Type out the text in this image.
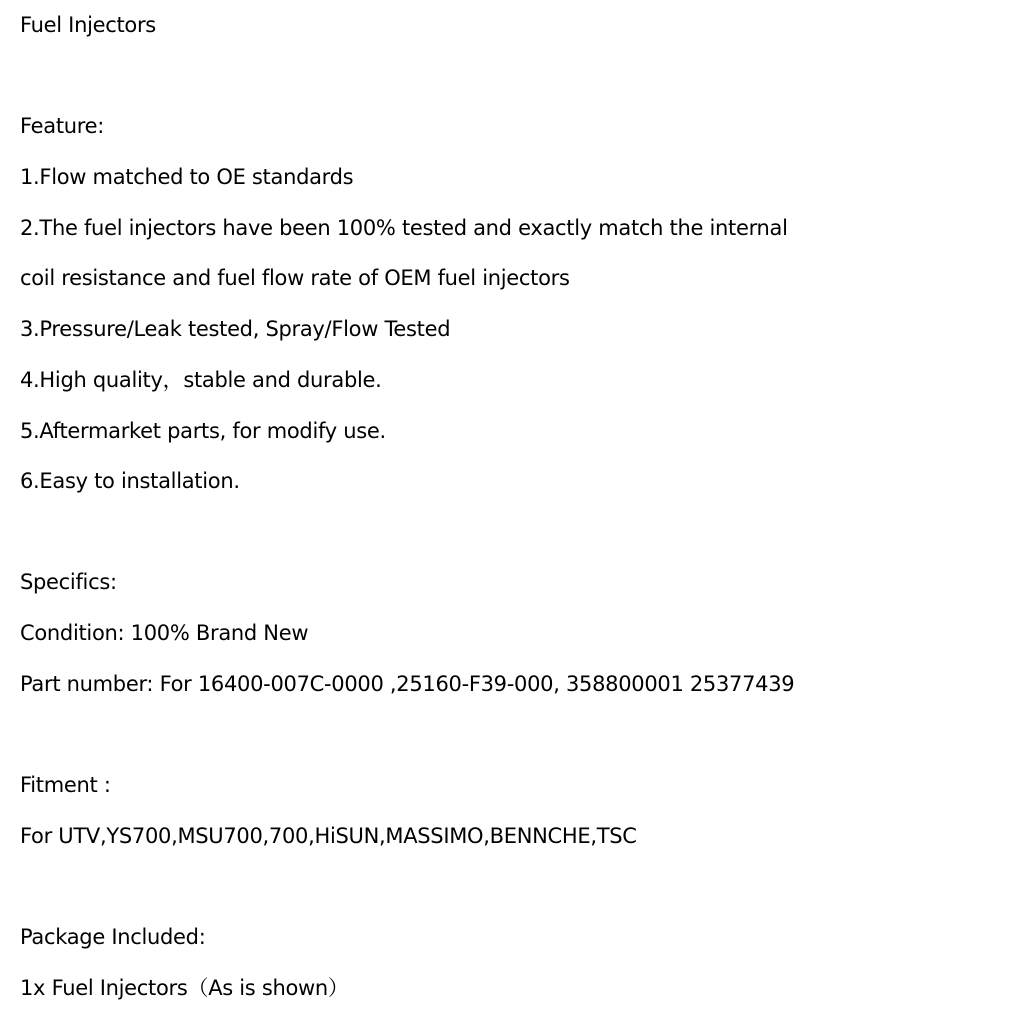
Fuel Injectors
Feature:
1.Flow matched to OE standards
2.The fuel injectors have been 100% tested and exactly match the internal
coil resistance and fuel flow rate of OEM fuel injectors
3.Pressure/Leak tested, Spray/Flow Tested
4.High quality，stable and durable.
5.Aftermarket parts, for modify use.
6.Easy to installation.
Specifics:
Condition: 100% Brand New
Part number: For 16400-007C-0000 ,25160-F39-000, 358800001 25377439
Fitment :
For UTV,YS700,MSU700,700,HiSUN,MASSIMO,BENNCHE,TSC
Package Included:
1x Fuel Injectors（As is shown）
